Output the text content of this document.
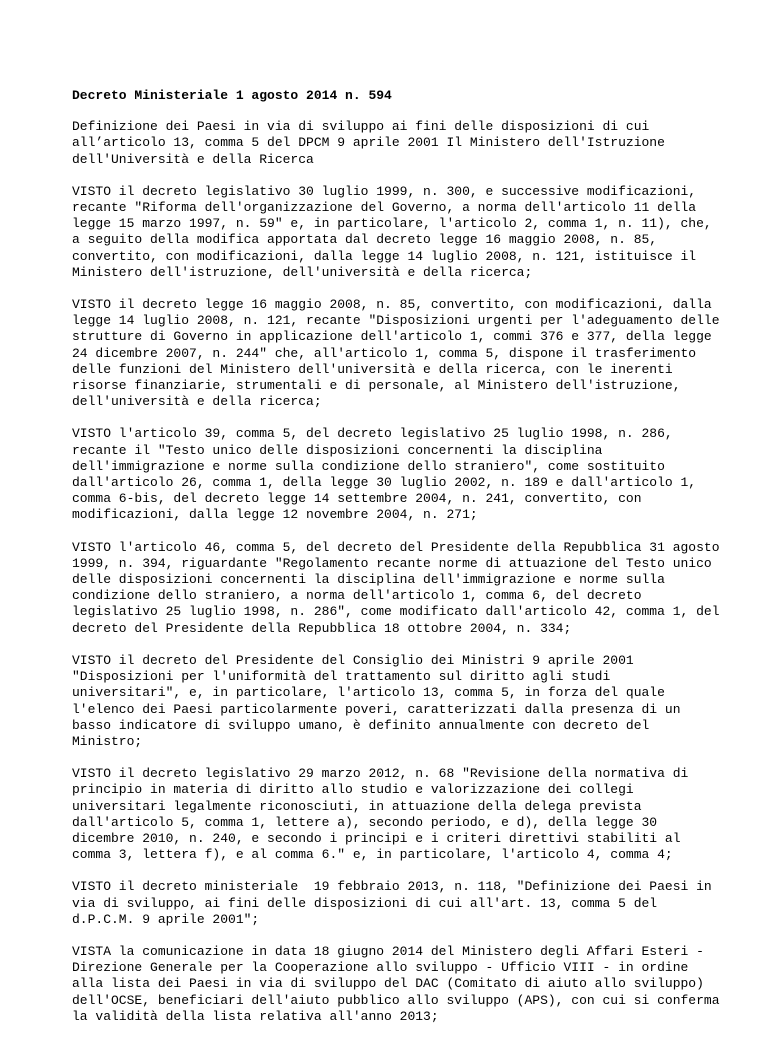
Decreto Ministeriale 1 agosto 2014 n. 594
Definizione dei Paesi in via di sviluppo ai fini delle disposizioni di cui
all’articolo 13, comma 5 del DPCM 9 aprile 2001 Il Ministero dell'Istruzione
dell'Università e della Ricerca
VISTO il decreto legislativo 30 luglio 1999, n. 300, e successive modificazioni,
recante "Riforma dell'organizzazione del Governo, a norma dell'articolo 11 della
legge 15 marzo 1997, n. 59" e, in particolare, l'articolo 2, comma 1, n. 11), che,
a seguito della modifica apportata dal decreto legge 16 maggio 2008, n. 85,
convertito, con modificazioni, dalla legge 14 luglio 2008, n. 121, istituisce il
Ministero dell'istruzione, dell'università e della ricerca;
VISTO il decreto legge 16 maggio 2008, n. 85, convertito, con modificazioni, dalla
legge 14 luglio 2008, n. 121, recante "Disposizioni urgenti per l'adeguamento delle
strutture di Governo in applicazione dell'articolo 1, commi 376 e 377, della legge
24 dicembre 2007, n. 244" che, all'articolo 1, comma 5, dispone il trasferimento
delle funzioni del Ministero dell'università e della ricerca, con le inerenti
risorse finanziarie, strumentali e di personale, al Ministero dell'istruzione,
dell'università e della ricerca;
VISTO l'articolo 39, comma 5, del decreto legislativo 25 luglio 1998, n. 286,
recante il "Testo unico delle disposizioni concernenti la disciplina
dell'immigrazione e norme sulla condizione dello straniero", come sostituito
dall'articolo 26, comma 1, della legge 30 luglio 2002, n. 189 e dall'articolo 1,
comma 6-bis, del decreto legge 14 settembre 2004, n. 241, convertito, con
modificazioni, dalla legge 12 novembre 2004, n. 271;
VISTO l'articolo 46, comma 5, del decreto del Presidente della Repubblica 31 agosto
1999, n. 394, riguardante "Regolamento recante norme di attuazione del Testo unico
delle disposizioni concernenti la disciplina dell'immigrazione e norme sulla
condizione dello straniero, a norma dell'articolo 1, comma 6, del decreto
legislativo 25 luglio 1998, n. 286", come modificato dall'articolo 42, comma 1, del
decreto del Presidente della Repubblica 18 ottobre 2004, n. 334;
VISTO il decreto del Presidente del Consiglio dei Ministri 9 aprile 2001
"Disposizioni per l'uniformità del trattamento sul diritto agli studi
universitari", e, in particolare, l'articolo 13, comma 5, in forza del quale
l'elenco dei Paesi particolarmente poveri, caratterizzati dalla presenza di un
basso indicatore di sviluppo umano, è definito annualmente con decreto del
Ministro;
VISTO il decreto legislativo 29 marzo 2012, n. 68 "Revisione della normativa di
principio in materia di diritto allo studio e valorizzazione dei collegi
universitari legalmente riconosciuti, in attuazione della delega prevista
dall'articolo 5, comma 1, lettere a), secondo periodo, e d), della legge 30
dicembre 2010, n. 240, e secondo i principi e i criteri direttivi stabiliti al
comma 3, lettera f), e al comma 6." e, in particolare, l'articolo 4, comma 4;
VISTO il decreto ministeriale  19 febbraio 2013, n. 118, "Definizione dei Paesi in
via di sviluppo, ai fini delle disposizioni di cui all'art. 13, comma 5 del
d.P.C.M. 9 aprile 2001";
VISTA la comunicazione in data 18 giugno 2014 del Ministero degli Affari Esteri -
Direzione Generale per la Cooperazione allo sviluppo - Ufficio VIII - in ordine
alla lista dei Paesi in via di sviluppo del DAC (Comitato di aiuto allo sviluppo)
dell'OCSE, beneficiari dell'aiuto pubblico allo sviluppo (APS), con cui si conferma
la validità della lista relativa all'anno 2013;
